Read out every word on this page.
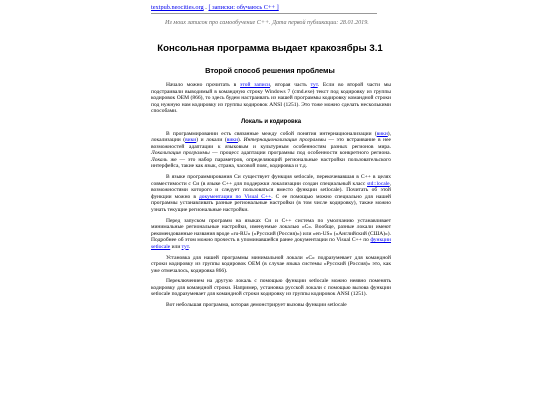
textpub.neocities.org . [ записки: обучаюсь C++ ]

Из моих записок про самообучение C++. Дата первой публикации: 28.01.2019.

Консольная программа выдает кракозябры 3.1
Второй способ решения проблемы

Начало можно прочитать в этой записи, вторая часть тут. Если во второй части мы подстраивали выводимый в командную строку Windows 7 (cmd.exe) текст под кодировку из группы кодировок OEM (866), то здесь будем настраивать из нашей программы кодировку командной строки под нужную нам кодировку из группы кодировок ANSI (1251). Это тоже можно сделать несколькими способами.

Локаль и кодировка

В программировании есть связанные между собой понятия интернационализации (вики), локализации (вики) и локали (вики). Интернационализация программы — это встраивание в нее возможностей адаптации к языковым и культурным особенностям разных регионов мира. Локализация программы — процесс адаптации программы под особенности конкретного региона. Локаль же — это набор параметров, определяющий региональные настройки пользовательского интерфейса, такие как язык, страна, часовой пояс, кодировка и т.д.

В языке программирования Си существует функция setlocale, перекочевавшая в C++ в целях совместимости с Си (в языке C++ для поддержки локализации создан специальный класс std::locale, возможностями которого и следует пользоваться вместо функции setlocale). Почитать об этой функции можно в документации по Visual C++. С ее помощью можно специально для нашей программы устанавливать разные региональные настройки (в том числе кодировку), также можно узнать текущие региональные настройки.

Перед запуском программ на языках Си и C++ система по умолчанию устанавливает минимальные региональные настройки, именуемые локалью «C». Вообще, разные локали имеют рекомендованные названия вроде «ru-RU» («Русский (Россия)») или «en-US» («Английский (США)»). Подробнее об этом можно прочесть в упоминавшейся ранее документации по Visual C++ по функции setlocale или тут.

Установка для нашей программы минимальной локали «C» подразумевает для командной строки кодировку из группы кодировок OEM (в случае языка системы «Русский (Россия)» это, как уже отмечалось, кодировка 866).

Переключением на другую локаль с помощью функции setlocale можно неявно поменять кодировку для командной строки. Например, установка русской локали с помощью вызова функции setlocale подразумевает для командной строки кодировку из группы кодировок ANSI (1251).

Вот небольшая программа, которая демонстрирует вызовы функции setlocale
